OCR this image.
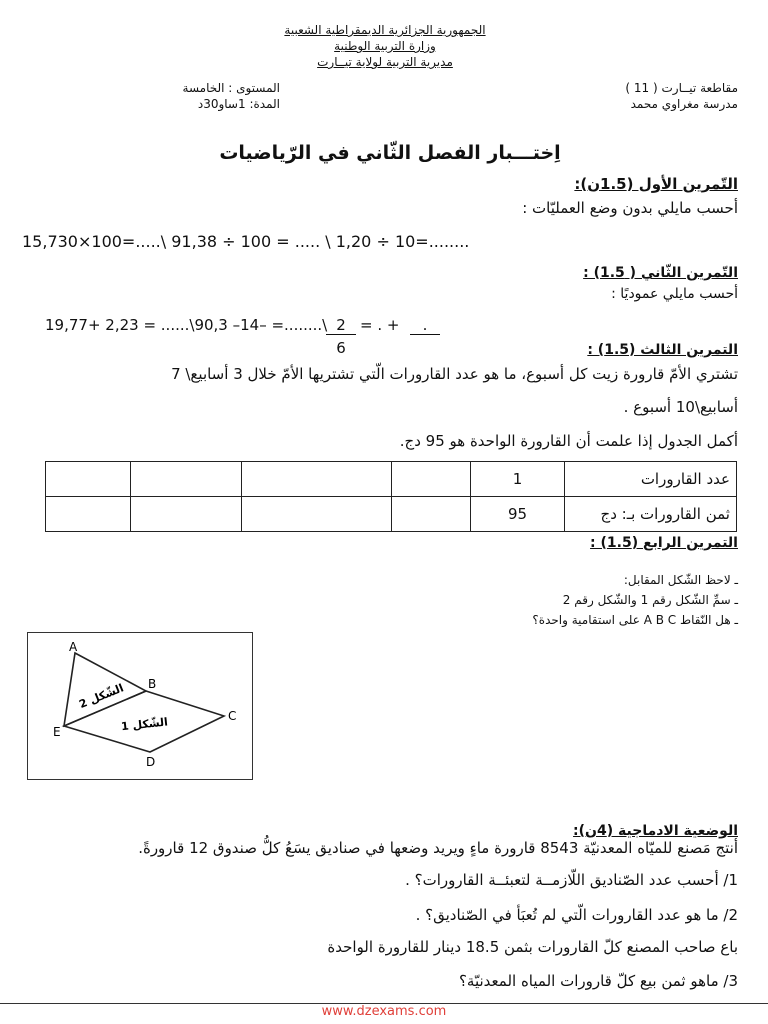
الجمهورية الجزائرية الديمقراطية الشعبية
وزارة التربية الوطنية
مديرية التربية لولاية تيــارت
مقاطعة تيــارت ( 11 )
مدرسة مغراوي محمد
المستوى : الخامسة
المدة: 1ساو30د
اِختـــبار الفصل الثّاني في الرّياضيات
التّمرين الأول (1.5ن):
أحسب مايلي بدون وضع العمليّات :
15,730×100=.....\ 91,38 ÷ 100 = ..... \ 1,20 ÷ 10=........
التّمرين الثّاني ( 1.5) :
أحسب مايلي عموديًا :
19,77+ 2,23 = ......\90,3 –14– =........\ 2
6
= . +	.
التمرين الثالث (1.5) :
تشتري الأمّ قارورة زيت كل أسبوع، ما هو عدد القارورات الّتي تشتريها الأمّ خلال 3 أسابيع\ 7
أسابيع\10 أسبوع .
أكمل الجدول إذا علمت أن القارورة الواحدة هو 95 دج.
				1	عدد القارورات
				95	ثمن القارورات بـ: دج
التمرين الرابع (1.5) :
ـ لاحظ الشّكل المقابل:
ـ سمِّ الشّكل رقم 1 والشّكل رقم 2
ـ هل النّقاط A B C على استقامية واحدة؟
A
B
C
D
E
الشّكل 2
الشّكل 1
الوضعية الادماجية (4ن):
أنتج مَصنع للميّاه المعدنيّة 8543 قارورة ماءٍ ويريد وضعها في صناديق يسَعُ كلُّ صندوق 12 قارورةً.
1/ أحسب عدد الصّناديق اللّازمــة لتعبئــة القارورات؟ .
2/ ما هو عدد القارورات الّتي لم تُعبَأ في الصّناديق؟ .
باع صاحب المصنع كلّ القارورات بثمن 18.5 دينار للقارورة الواحدة
3/ ماهو ثمن بيع كلّ قارورات المياه المعدنيّة؟
www.dzexams.com
